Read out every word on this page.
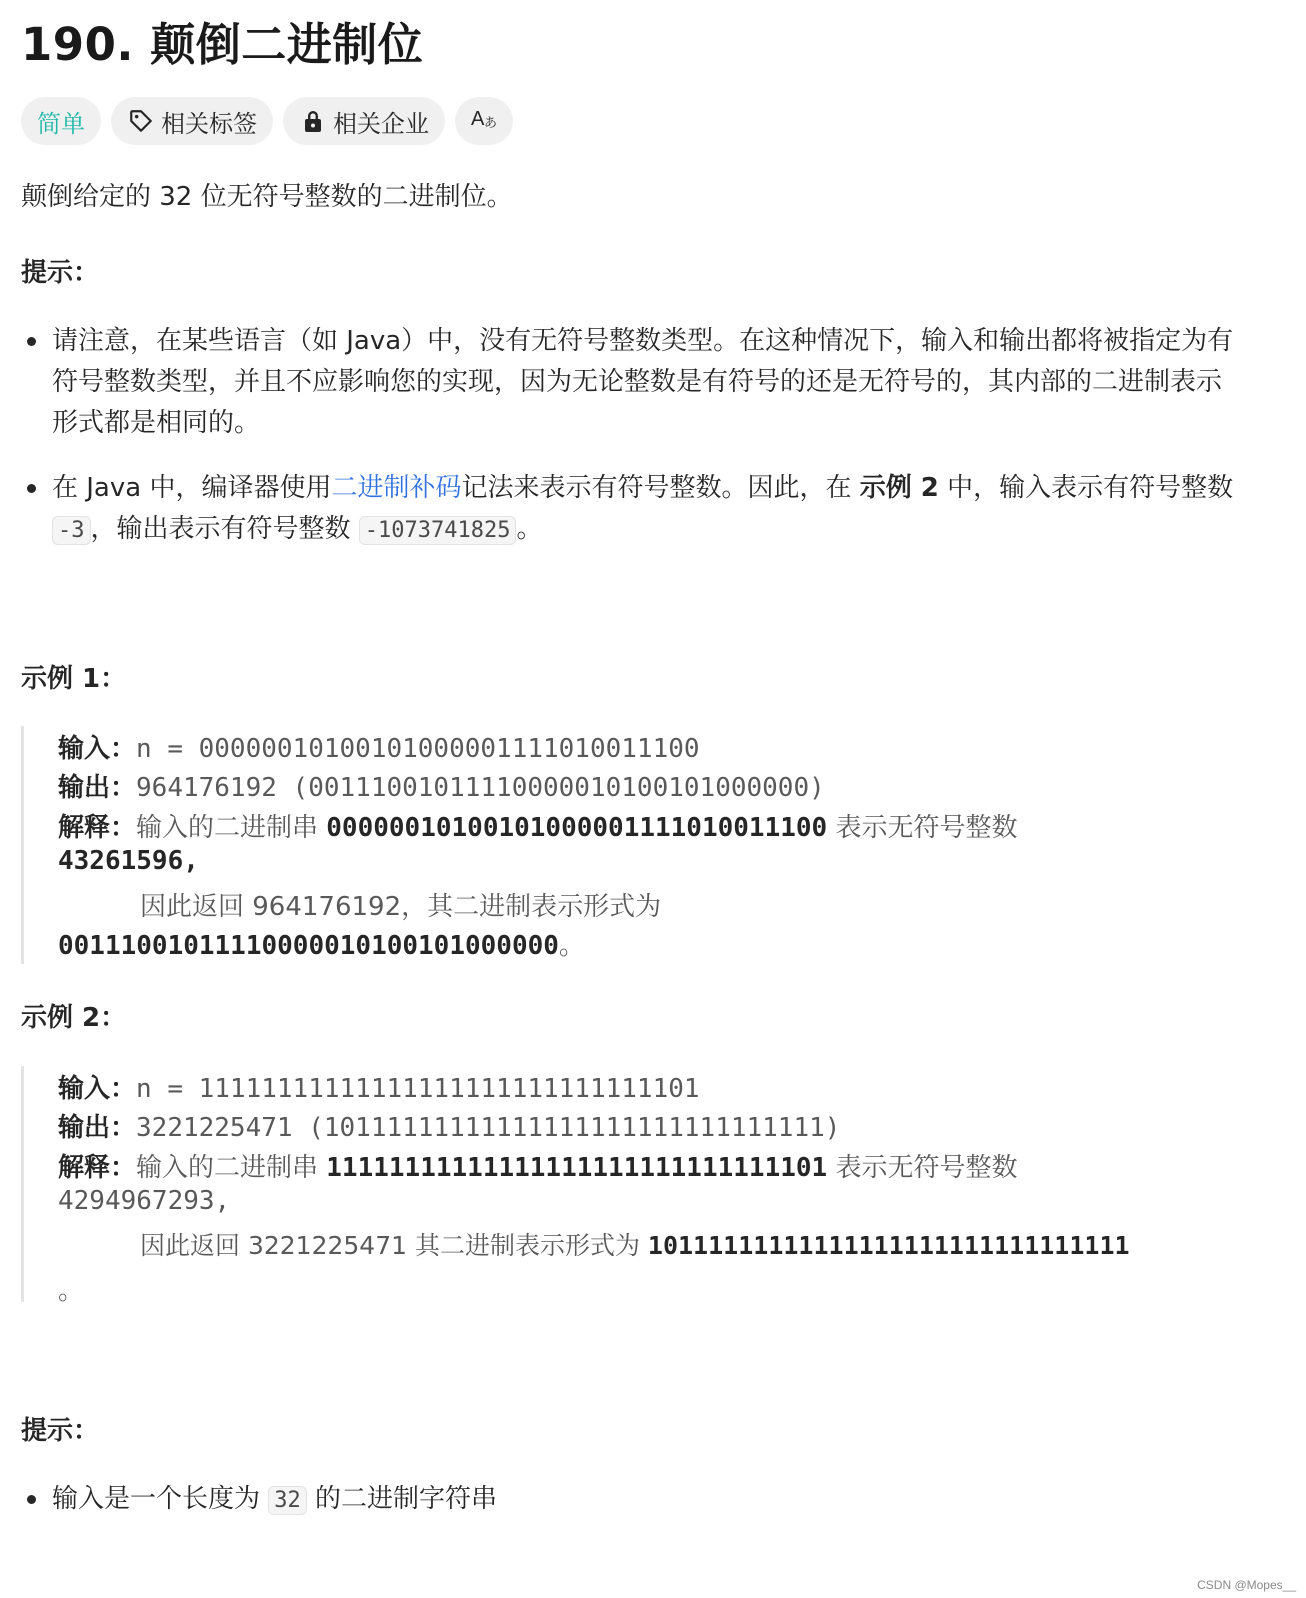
190. 颠倒二进制位
简单	相关标签	相关企业 A あ
颠倒给定的 32 位无符号整数的二进制位。
提示：
请注意，在某些语言（如 Java）中，没有无符号整数类型。在这种情况下，输入和输出都将被指定为有符号整数类型，并且不应影响您的实现，因为无论整数是有符号的还是无符号的，其内部的二进制表示形式都是相同的。
在 Java 中，编译器使用二进制补码记法来表示有符号整数。因此，在 示例 2 中，输入表示有符号整数 -3 ，输出表示有符号整数 -1073741825 。
示例 1：
输入：n = 00000010100101000001111010011100
输出：964176192 (00111001011110000010100101000000)
解释：输入的二进制串 00000010100101000001111010011100 表示无符号整数
43261596,
因此返回 964176192，其二进制表示形式为
00111001011110000010100101000000。
示例 2：
输入：n = 11111111111111111111111111111101
输出：3221225471 (10111111111111111111111111111111)
解释：输入的二进制串 11111111111111111111111111111101 表示无符号整数
4294967293,
因此返回 3221225471 其二进制表示形式为 10111111111111111111111111111111
。
提示：
输入是一个长度为 32 的二进制字符串
CSDN @Mopes__
